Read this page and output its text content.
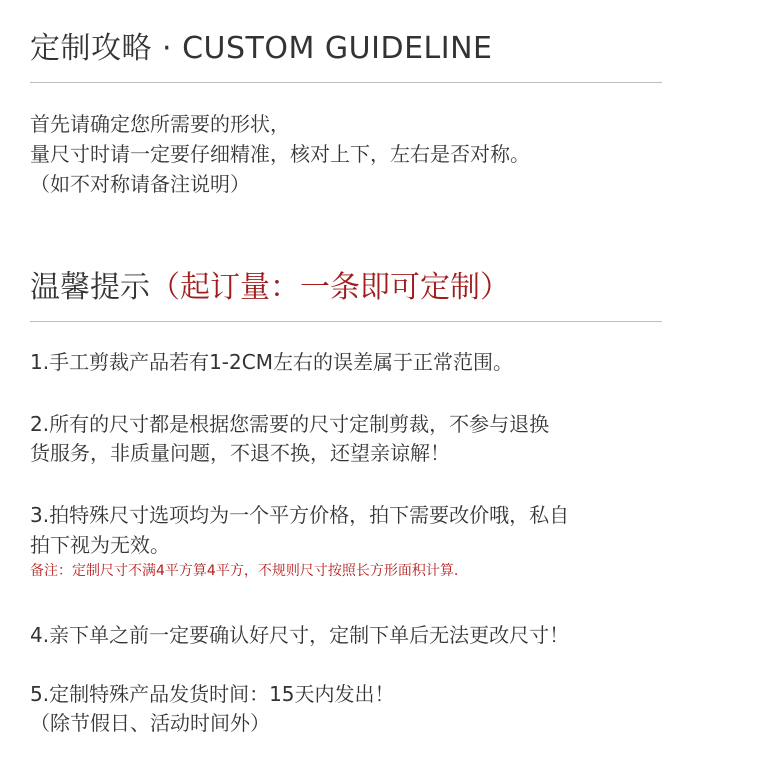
定制攻略 · CUSTOM GUIDELINE
首先请确定您所需要的形状，
量尺寸时请一定要仔细精准，核对上下，左右是否对称。
（如不对称请备注说明）
温馨提示（起订量：一条即可定制）
1.手工剪裁产品若有1-2CM左右的误差属于正常范围。
2.所有的尺寸都是根据您需要的尺寸定制剪裁，不参与退换
货服务，非质量问题，不退不换，还望亲谅解！
3.拍特殊尺寸选项均为一个平方价格，拍下需要改价哦，私自
拍下视为无效。
备注：定制尺寸不满4平方算4平方，不规则尺寸按照长方形面积计算.
4.亲下单之前一定要确认好尺寸，定制下单后无法更改尺寸！
5.定制特殊产品发货时间：15天内发出！
（除节假日、活动时间外）
